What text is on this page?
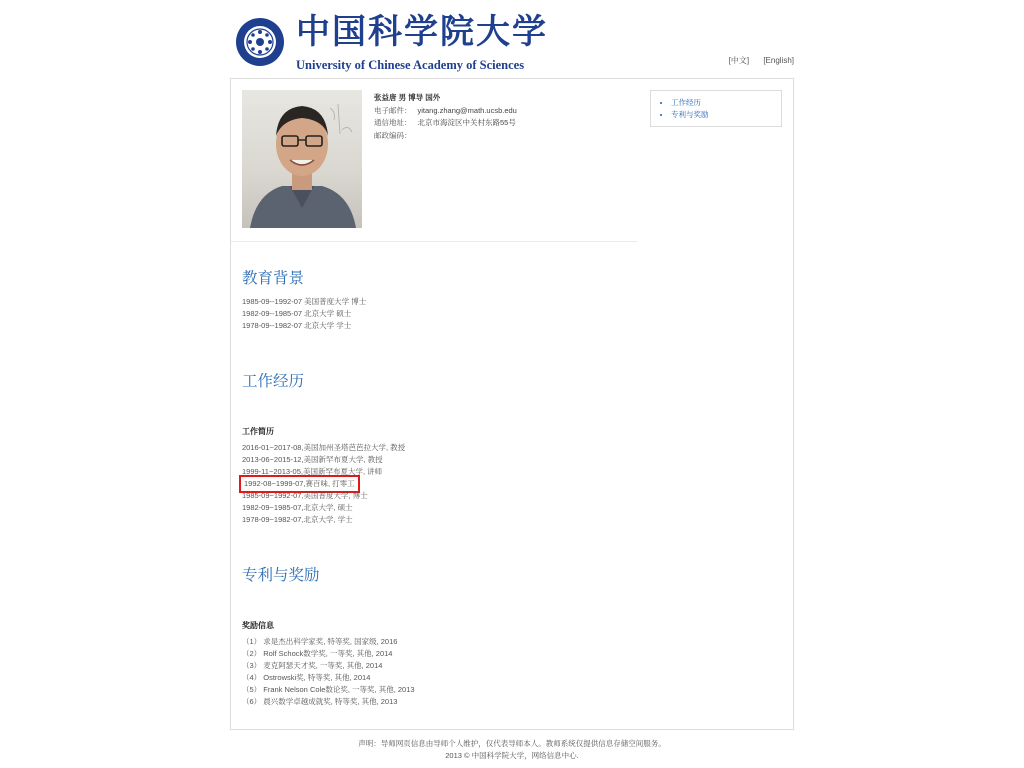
中国科学院大学
University of Chinese Academy of Sciences	[中文] [English]
张益唐 男 博导 国外
电子邮件： yitang.zhang@math.ucsb.edu
通信地址： 北京市海淀区中关村东路55号
邮政编码：
• 工作经历
• 专利与奖励
教育背景
1985-09--1992-07 美国普度大学 博士
1982-09--1985-07 北京大学 硕士
1978-09--1982-07 北京大学 学士
工作经历
工作简历
2016-01~2017-08,美国加州圣塔芭芭拉大学, 教授
2013-06~2015-12,美国新罕布夏大学, 教授
1999-11~2013-05,美国新罕布夏大学, 讲师
1992-08~1999-07,赛百味, 打零工
1985-09~1992-07,美国普度大学, 博士
1982-09~1985-07,北京大学, 硕士
1978-09~1982-07,北京大学, 学士
专利与奖励
奖励信息
（1） 求是杰出科学家奖, 特等奖, 国家级, 2016
（2） Rolf Schock数学奖, 一等奖, 其他, 2014
（3） 麦克阿瑟天才奖, 一等奖, 其他, 2014
（4） Ostrowski奖, 特等奖, 其他, 2014
（5） Frank Nelson Cole数论奖, 一等奖, 其他, 2013
（6） 晨兴数学卓越成就奖, 特等奖, 其他, 2013
声明：导师网页信息由导师个人维护，仅代表导师本人。教师系统仅提供信息存储空间服务。
2013 © 中国科学院大学，网络信息中心.
